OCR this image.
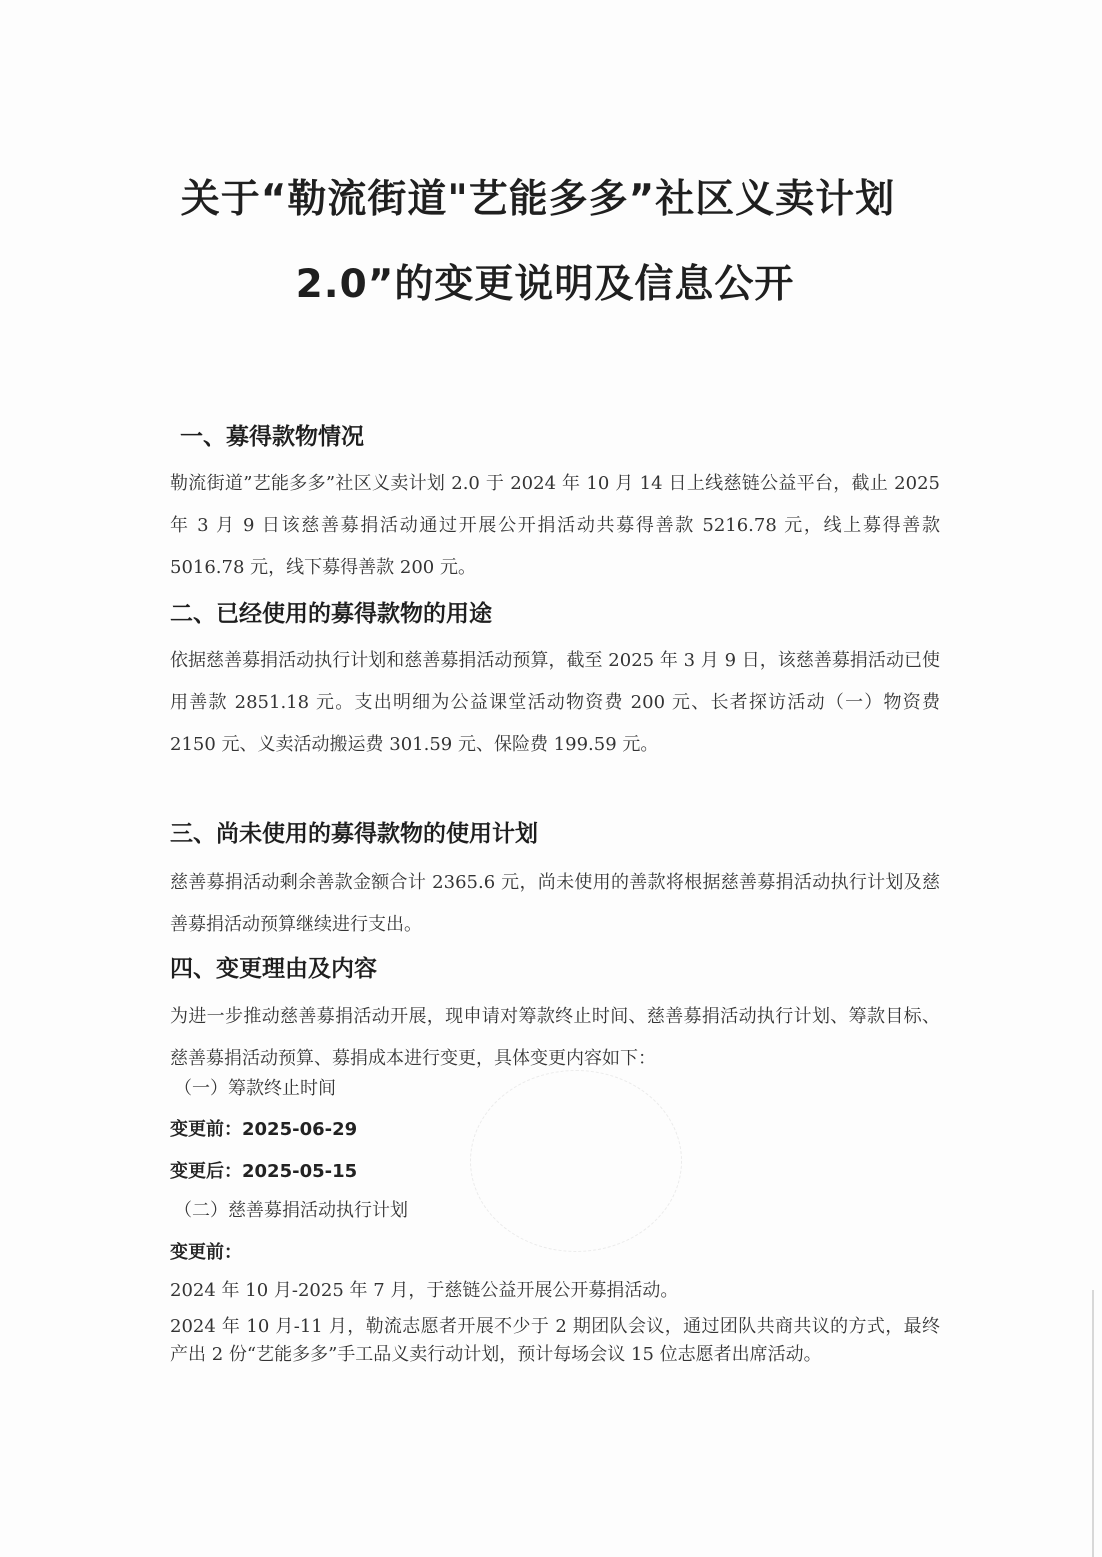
关于“勒流街道"艺能多多”社区义卖计划
2.0”的变更说明及信息公开
一、募得款物情况
勒流街道”艺能多多”社区义卖计划 2.0 于 2024 年 10 月 14 日上线慈链公益平台，截止 2025 年 3 月 9 日该慈善募捐活动通过开展公开捐活动共募得善款 5216.78 元，线上募得善款 5016.78 元，线下募得善款 200 元。
二、已经使用的募得款物的用途
依据慈善募捐活动执行计划和慈善募捐活动预算，截至 2025 年 3 月 9 日，该慈善募捐活动已使用善款 2851.18 元。支出明细为公益课堂活动物资费 200 元、长者探访活动（一）物资费 2150 元、义卖活动搬运费 301.59 元、保险费 199.59 元。
三、尚未使用的募得款物的使用计划
慈善募捐活动剩余善款金额合计 2365.6 元，尚未使用的善款将根据慈善募捐活动执行计划及慈善募捐活动预算继续进行支出。
四、变更理由及内容
为进一步推动慈善募捐活动开展，现申请对筹款终止时间、慈善募捐活动执行计划、筹款目标、慈善募捐活动预算、募捐成本进行变更，具体变更内容如下：
（一）筹款终止时间
变更前：2025-06-29
变更后：2025-05-15
（二）慈善募捐活动执行计划
变更前：
2024 年 10 月-2025 年 7 月，于慈链公益开展公开募捐活动。
2024 年 10 月-11 月，勒流志愿者开展不少于 2 期团队会议，通过团队共商共议的方式，最终产出 2 份“艺能多多”手工品义卖行动计划，预计每场会议 15 位志愿者出席活动。
